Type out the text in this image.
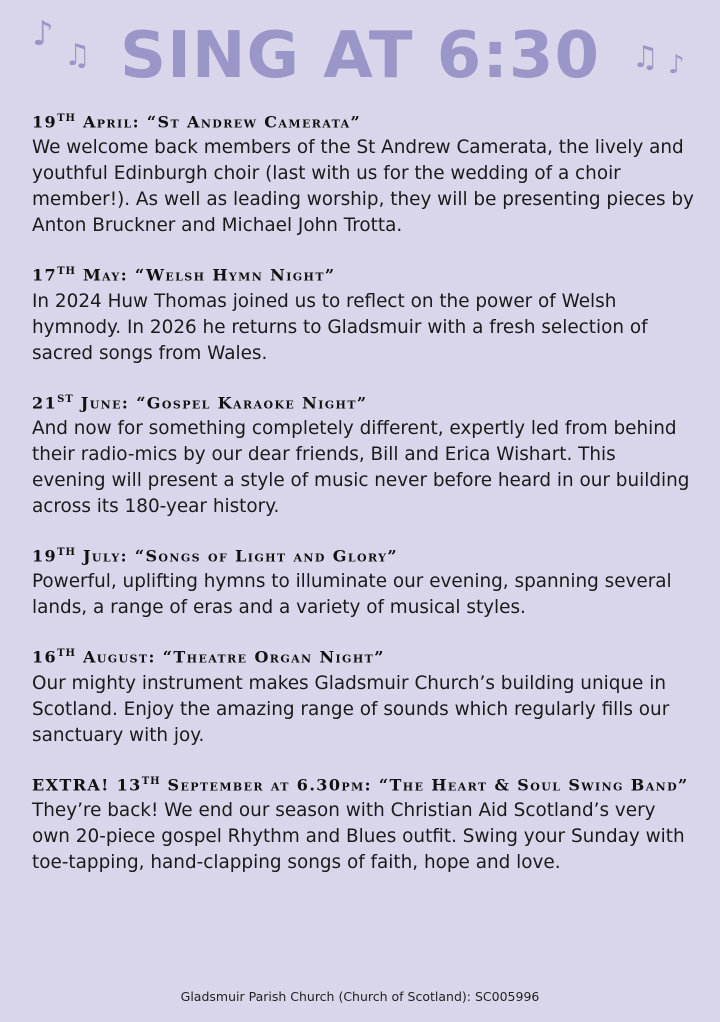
♪
♫ SING AT 6:30	♫ ♪
19TH April: “St Andrew Camerata”
We welcome back members of the St Andrew Camerata, the lively and youthful Edinburgh choir (last with us for the wedding of a choir member!). As well as leading worship, they will be presenting pieces by Anton Bruckner and Michael John Trotta.
17TH May: “Welsh Hymn Night”
In 2024 Huw Thomas joined us to reflect on the power of Welsh hymnody. In 2026 he returns to Gladsmuir with a fresh selection of sacred songs from Wales.
21ST June: “Gospel Karaoke Night”
And now for something completely different, expertly led from behind their radio-mics by our dear friends, Bill and Erica Wishart. This evening will present a style of music never before heard in our building across its 180-year history.
19TH July: “Songs of Light and Glory”
Powerful, uplifting hymns to illuminate our evening, spanning several lands, a range of eras and a variety of musical styles.
16TH August: “Theatre Organ Night”
Our mighty instrument makes Gladsmuir Church’s building unique in Scotland. Enjoy the amazing range of sounds which regularly fills our sanctuary with joy.
EXTRA! 13TH September at 6.30pm: “The Heart & Soul Swing Band”
They’re back! We end our season with Christian Aid Scotland’s very own 20-piece gospel Rhythm and Blues outfit. Swing your Sunday with toe-tapping, hand-clapping songs of faith, hope and love.
Gladsmuir Parish Church (Church of Scotland): SC005996
